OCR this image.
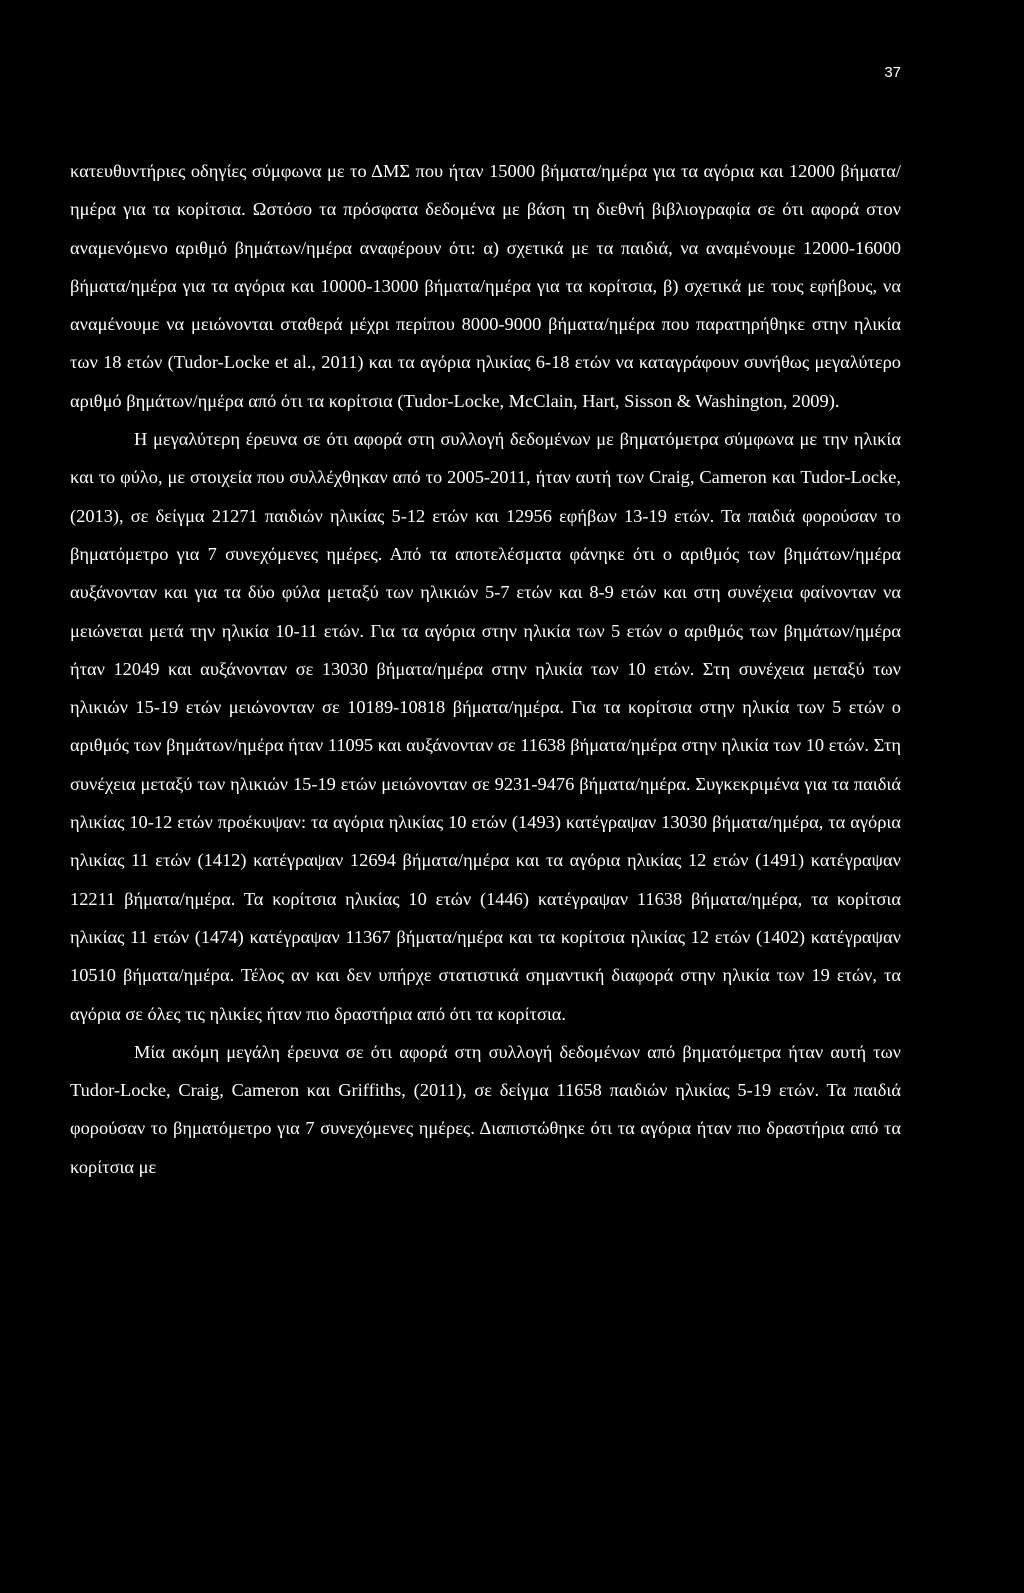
37

κατευθυντήριες οδηγίες σύμφωνα με το ΔΜΣ που ήταν 15000 βήματα/ημέρα για τα αγόρια και 12000 βήματα/ημέρα για τα κορίτσια. Ωστόσο τα πρόσφατα δεδομένα με βάση τη διεθνή βιβλιογραφία σε ότι αφορά στον αναμενόμενο αριθμό βημάτων/ημέρα αναφέρουν ότι: α) σχετικά με τα παιδιά, να αναμένουμε 12000-16000 βήματα/ημέρα για τα αγόρια και 10000-13000 βήματα/ημέρα για τα κορίτσια, β) σχετικά με τους εφήβους, να αναμένουμε να μειώνονται σταθερά μέχρι περίπου 8000-9000 βήματα/ημέρα που παρατηρήθηκε στην ηλικία των 18 ετών (Tudor-Locke et al., 2011) και τα αγόρια ηλικίας 6-18 ετών να καταγράφουν συνήθως μεγαλύτερο αριθμό βημάτων/ημέρα από ότι τα κορίτσια (Tudor-Locke, McClain, Hart, Sisson & Washington, 2009).

Η μεγαλύτερη έρευνα σε ότι αφορά στη συλλογή δεδομένων με βηματόμετρα σύμφωνα με την ηλικία και το φύλο, με στοιχεία που συλλέχθηκαν από το 2005-2011, ήταν αυτή των Craig, Cameron και Tudor-Locke, (2013), σε δείγμα 21271 παιδιών ηλικίας 5-12 ετών και 12956 εφήβων 13-19 ετών. Τα παιδιά φορούσαν το βηματόμετρο για 7 συνεχόμενες ημέρες. Από τα αποτελέσματα φάνηκε ότι ο αριθμός των βημάτων/ημέρα αυξάνονταν και για τα δύο φύλα μεταξύ των ηλικιών 5-7 ετών και 8-9 ετών και στη συνέχεια φαίνονταν να μειώνεται μετά την ηλικία 10-11 ετών. Για τα αγόρια στην ηλικία των 5 ετών ο αριθμός των βημάτων/ημέρα ήταν 12049 και αυξάνονταν σε 13030 βήματα/ημέρα στην ηλικία των 10 ετών. Στη συνέχεια μεταξύ των ηλικιών 15-19 ετών μειώνονταν σε 10189-10818 βήματα/ημέρα. Για τα κορίτσια στην ηλικία των 5 ετών ο αριθμός των βημάτων/ημέρα ήταν 11095 και αυξάνονταν σε 11638 βήματα/ημέρα στην ηλικία των 10 ετών. Στη συνέχεια μεταξύ των ηλικιών 15-19 ετών μειώνονταν σε 9231-9476 βήματα/ημέρα. Συγκεκριμένα για τα παιδιά ηλικίας 10-12 ετών προέκυψαν: τα αγόρια ηλικίας 10 ετών (1493) κατέγραψαν 13030 βήματα/ημέρα, τα αγόρια ηλικίας 11 ετών (1412) κατέγραψαν 12694 βήματα/ημέρα και τα αγόρια ηλικίας 12 ετών (1491) κατέγραψαν 12211 βήματα/ημέρα. Τα κορίτσια ηλικίας 10 ετών (1446) κατέγραψαν 11638 βήματα/ημέρα, τα κορίτσια ηλικίας 11 ετών (1474) κατέγραψαν 11367 βήματα/ημέρα και τα κορίτσια ηλικίας 12 ετών (1402) κατέγραψαν 10510 βήματα/ημέρα. Τέλος αν και δεν υπήρχε στατιστικά σημαντική διαφορά στην ηλικία των 19 ετών, τα αγόρια σε όλες τις ηλικίες ήταν πιο δραστήρια από ότι τα κορίτσια.

Μία ακόμη μεγάλη έρευνα σε ότι αφορά στη συλλογή δεδομένων από βηματόμετρα ήταν αυτή των Tudor-Locke, Craig, Cameron και Griffiths, (2011), σε δείγμα 11658 παιδιών ηλικίας 5-19 ετών. Τα παιδιά φορούσαν το βηματόμετρο για 7 συνεχόμενες ημέρες. Διαπιστώθηκε ότι τα αγόρια ήταν πιο δραστήρια από τα κορίτσια με
